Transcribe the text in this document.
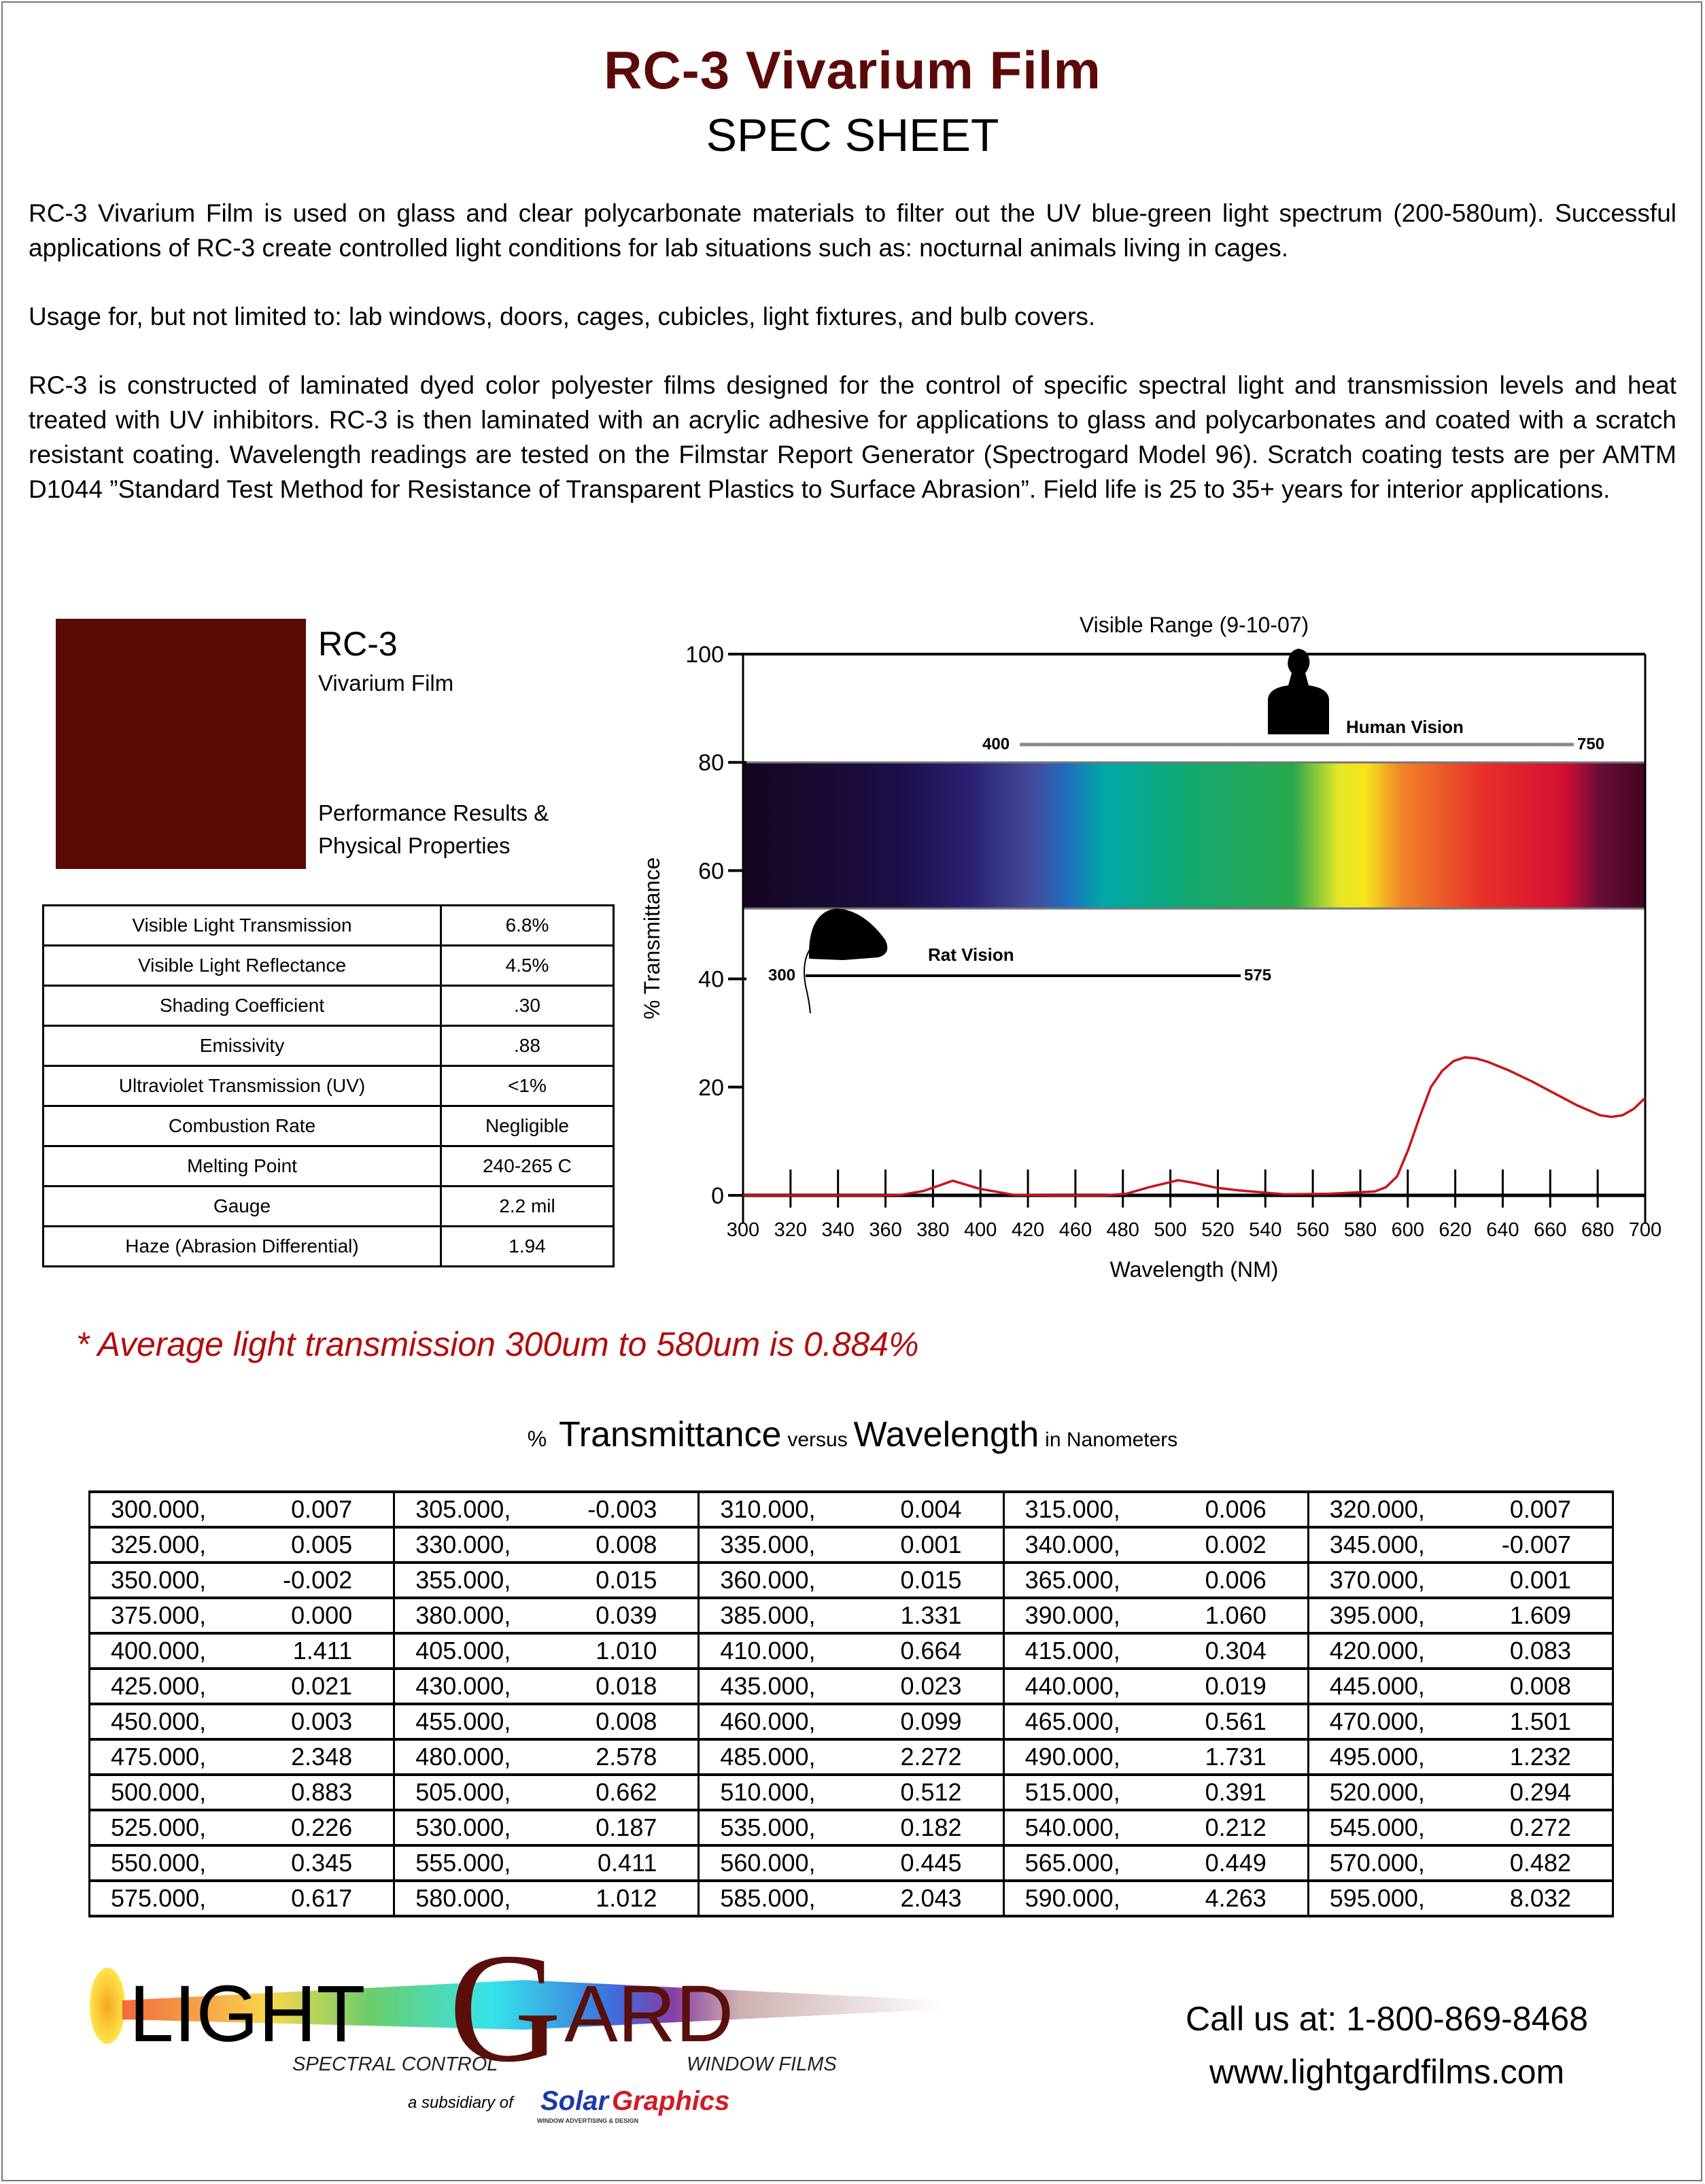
RC-3 Vivarium Film
SPEC SHEET

RC-3 Vivarium Film is used on glass and clear polycarbonate materials to filter out the UV blue-green light spectrum (200-580um). Successful applications of RC-3 create controlled light conditions for lab situations such as: nocturnal animals living in cages.

Usage for, but not limited to: lab windows, doors, cages, cubicles, light fixtures, and bulb covers.

RC-3 is constructed of laminated dyed color polyester films designed for the control of specific spectral light and transmission levels and heat treated with UV inhibitors. RC-3 is then laminated with an acrylic adhesive for applications to glass and polycarbonates and coated with a scratch resistant coating. Wavelength readings are tested on the Filmstar Report Generator (Spectrogard Model 96). Scratch coating tests are per AMTM D1044 ”Standard Test Method for Resistance of Transparent Plastics to Surface Abrasion”. Field life is 25 to 35+ years for interior applications.

RC-3
Vivarium Film
Performance Results &
Physical Properties
Visible Light Transmission	6.8%
Visible Light Reflectance	4.5%
Shading Coefficient	.30
Emissivity	.88
Ultraviolet Transmission (UV)	<1%
Combustion Rate	Negligible
Melting Point	240-265 C
Gauge	2.2 mil
Haze (Abrasion Differential)	1.94
Visible Range (9-10-07)
100
80
60
40
20
0
% Transmittance
300 320 340 360 380 400 420 460 480 500 520 540 560 580 600 620 640 660 680 700
Wavelength (NM)
Human Vision
400	750
Rat Vision
300	575
* Average light transmission 300um to 580um is 0.884%
% Transmittance versus Wavelength in Nanometers
300.000,	0.007	305.000,	-0.003	310.000,	0.004	315.000,	0.006	320.000,	0.007
325.000,	0.005	330.000,	0.008	335.000,	0.001	340.000,	0.002	345.000,	-0.007
350.000,	-0.002	355.000,	0.015	360.000,	0.015	365.000,	0.006	370.000,	0.001
375.000,	0.000	380.000,	0.039	385.000,	1.331	390.000,	1.060	395.000,	1.609
400.000,	1.411	405.000,	1.010	410.000,	0.664	415.000,	0.304	420.000,	0.083
425.000,	0.021	430.000,	0.018	435.000,	0.023	440.000,	0.019	445.000,	0.008
450.000,	0.003	455.000,	0.008	460.000,	0.099	465.000,	0.561	470.000,	1.501
475.000,	2.348	480.000,	2.578	485.000,	2.272	490.000,	1.731	495.000,	1.232
500.000,	0.883	505.000,	0.662	510.000,	0.512	515.000,	0.391	520.000,	0.294
525.000,	0.226	530.000,	0.187	535.000,	0.182	540.000,	0.212	545.000,	0.272
550.000,	0.345	555.000,	0.411	560.000,	0.445	565.000,	0.449	570.000,	0.482
575.000,	0.617	580.000,	1.012	585.000,	2.043	590.000,	4.263	595.000,	8.032
LIGHT G ARD
SPECTRAL CONTROL	WINDOW FILMS
a subsidiary of Solar Graphics
WINDOW ADVERTISING & DESIGN
Call us at: 1-800-869-8468
www.lightgardfilms.com
